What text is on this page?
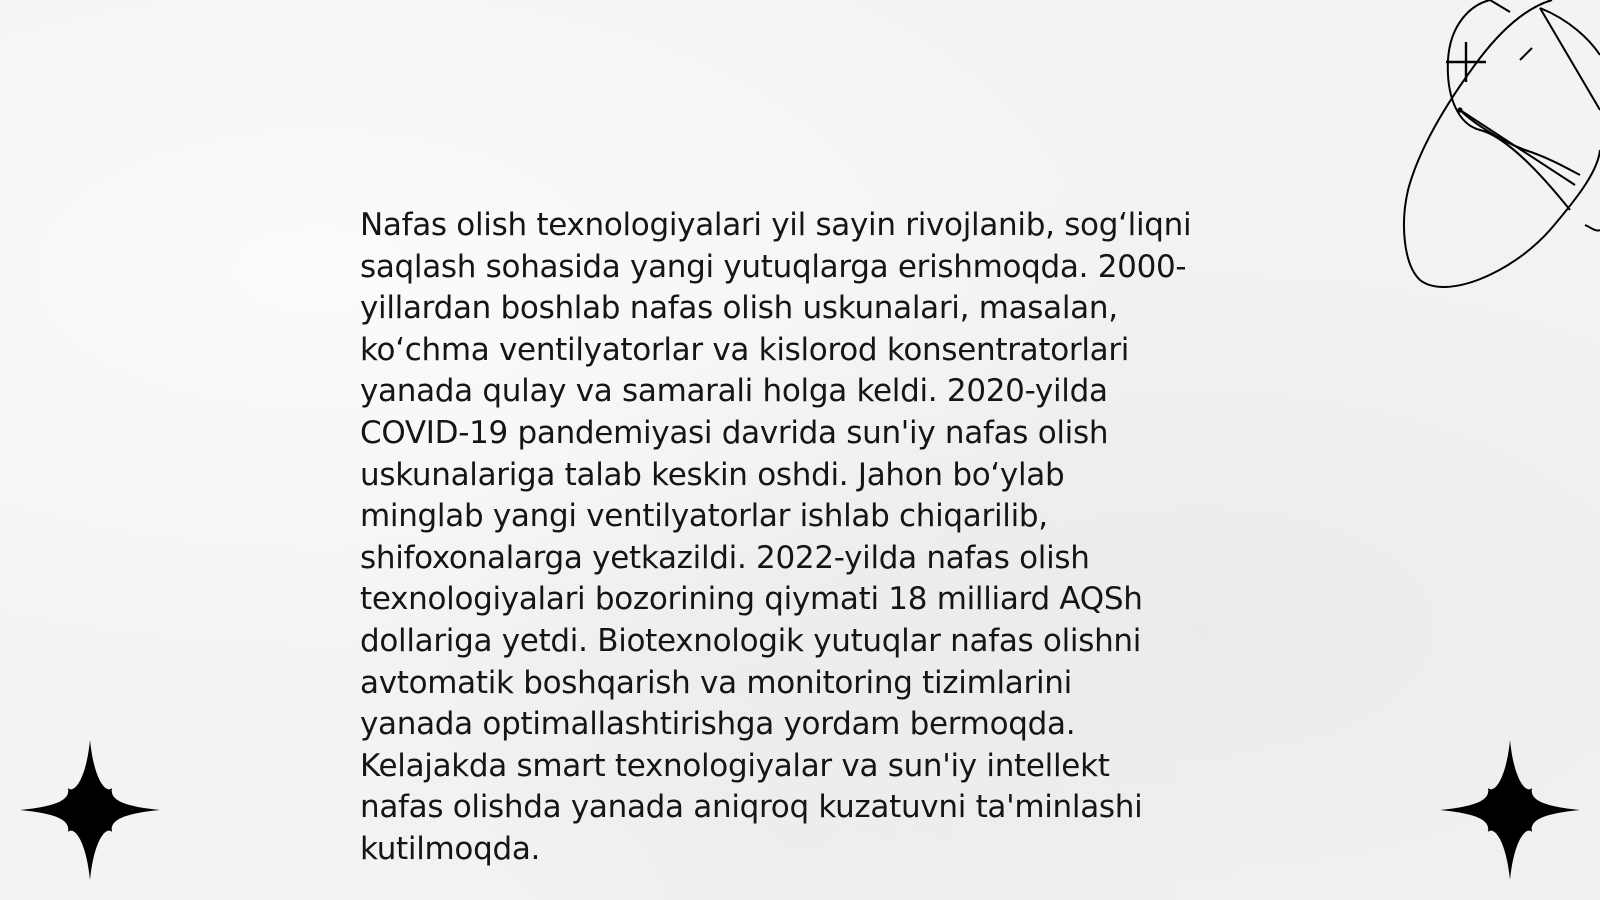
Nafas olish texnologiyalari yil sayin rivojlanib, sog‘liqni
saqlash sohasida yangi yutuqlarga erishmoqda. 2000-
yillardan boshlab nafas olish uskunalari, masalan,
ko‘chma ventilyatorlar va kislorod konsentratorlari
yanada qulay va samarali holga keldi. 2020-yilda
COVID-19 pandemiyasi davrida sun'iy nafas olish
uskunalariga talab keskin oshdi. Jahon bo‘ylab
minglab yangi ventilyatorlar ishlab chiqarilib,
shifoxonalarga yetkazildi. 2022-yilda nafas olish
texnologiyalari bozorining qiymati 18 milliard AQSh
dollariga yetdi. Biotexnologik yutuqlar nafas olishni
avtomatik boshqarish va monitoring tizimlarini
yanada optimallashtirishga yordam bermoqda.
Kelajakda smart texnologiyalar va sun'iy intellekt
nafas olishda yanada aniqroq kuzatuvni ta'minlashi
kutilmoqda.
